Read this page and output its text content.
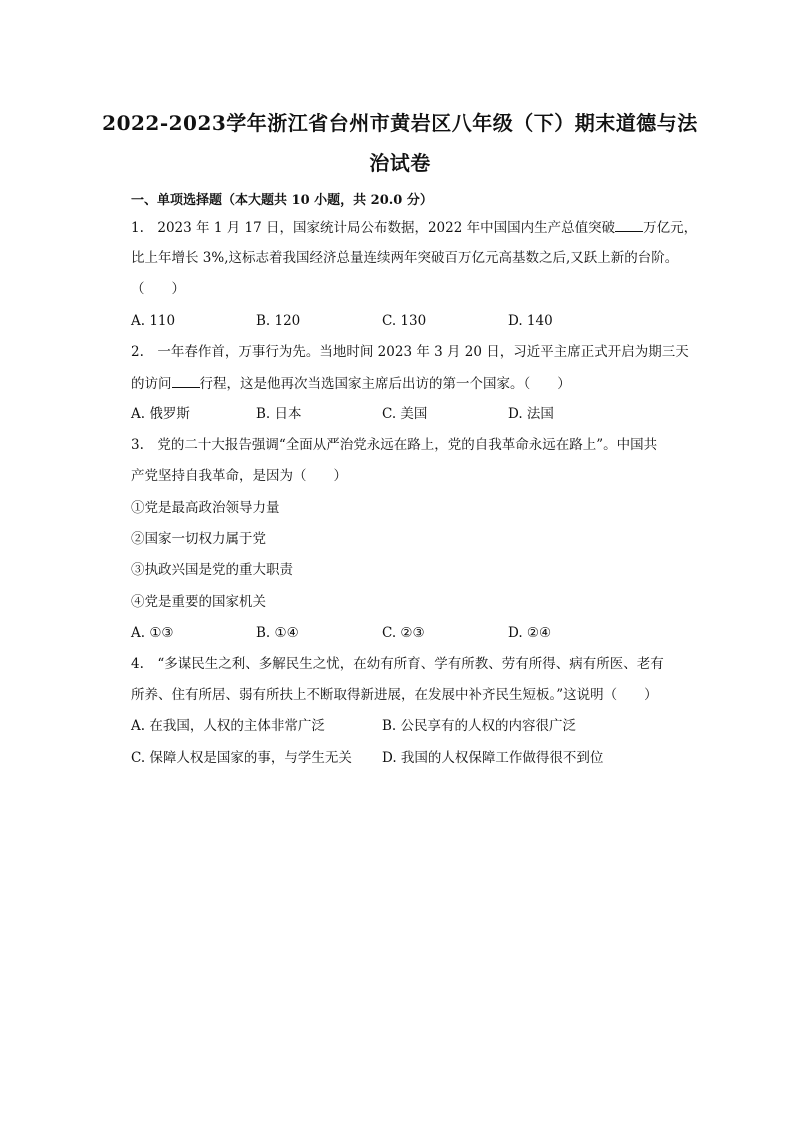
2022-2023学年浙江省台州市黄岩区八年级（下）期末道德与法
治试卷
一、单项选择题（本大题共 10 小题，共 20.0 分）
1.　2023 年 1 月 17 日，国家统计局公布数据，2022 年中国国内生产总值突破 万亿元，
比上年增长 3%,这标志着我国经济总量连续两年突破百万亿元高基数之后,又跃上新的台阶。
（　　）
A. 110	B. 120	C. 130	D. 140
2.　一年春作首，万事行为先。当地时间 2023 年 3 月 20 日，习近平主席正式开启为期三天
的访问 行程，这是他再次当选国家主席后出访的第一个国家。（　　）
A. 俄罗斯	B. 日本	C. 美国	D. 法国
3.　党的二十大报告强调“全面从严治党永远在路上，党的自我革命永远在路上”。中国共
产党坚持自我革命，是因为（　　）
①党是最高政治领导力量
②国家一切权力属于党
③执政兴国是党的重大职责
④党是重要的国家机关
A. ①③	B. ①④	C. ②③	D. ②④
4.　“多谋民生之利、多解民生之忧，在幼有所育、学有所教、劳有所得、病有所医、老有
所养、住有所居、弱有所扶上不断取得新进展，在发展中补齐民生短板。”这说明（　　）
A. 在我国，人权的主体非常广泛	B. 公民享有的人权的内容很广泛
C. 保障人权是国家的事，与学生无关 D. 我国的人权保障工作做得很不到位
